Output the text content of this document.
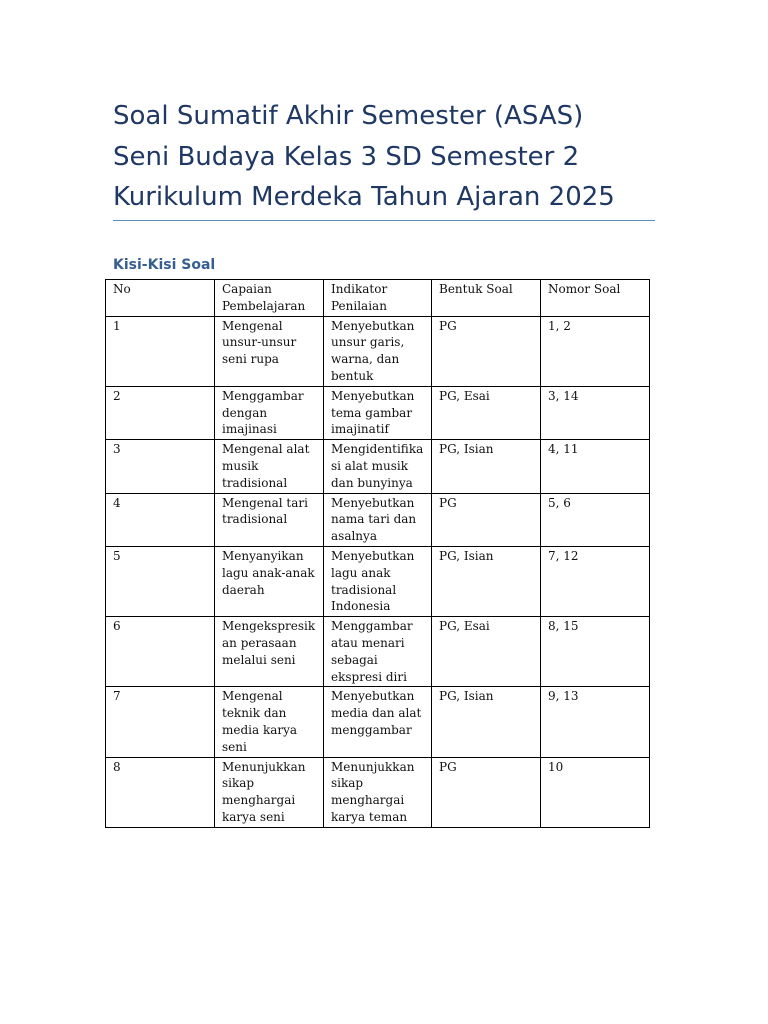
Soal Sumatif Akhir Semester (ASAS)
Seni Budaya Kelas 3 SD Semester 2
Kurikulum Merdeka Tahun Ajaran 2025
Kisi-Kisi Soal
No	Capaian
Pembelajaran	Indikator
Penilaian	Bentuk Soal	Nomor Soal

1	Mengenal
unsur-unsur
seni rupa	Menyebutkan
unsur garis,
warna, dan
bentuk	PG	1, 2

2	Menggambar
dengan
imajinasi	Menyebutkan
tema gambar
imajinatif	PG, Esai	3, 14

3	Mengenal alat
musik
tradisional	Mengidentifika
si alat musik
dan bunyinya	PG, Isian	4, 11

4	Mengenal tari
tradisional	Menyebutkan
nama tari dan
asalnya	PG	5, 6

5	Menyanyikan
lagu anak-anak
daerah	Menyebutkan
lagu anak
tradisional
Indonesia	PG, Isian	7, 12

6	Mengekspresik
an perasaan
melalui seni	Menggambar
atau menari
sebagai
ekspresi diri	PG, Esai	8, 15

7	Mengenal
teknik dan
media karya
seni	Menyebutkan
media dan alat
menggambar	PG, Isian	9, 13

8	Menunjukkan
sikap
menghargai
karya seni	Menunjukkan
sikap
menghargai
karya teman	PG	10
